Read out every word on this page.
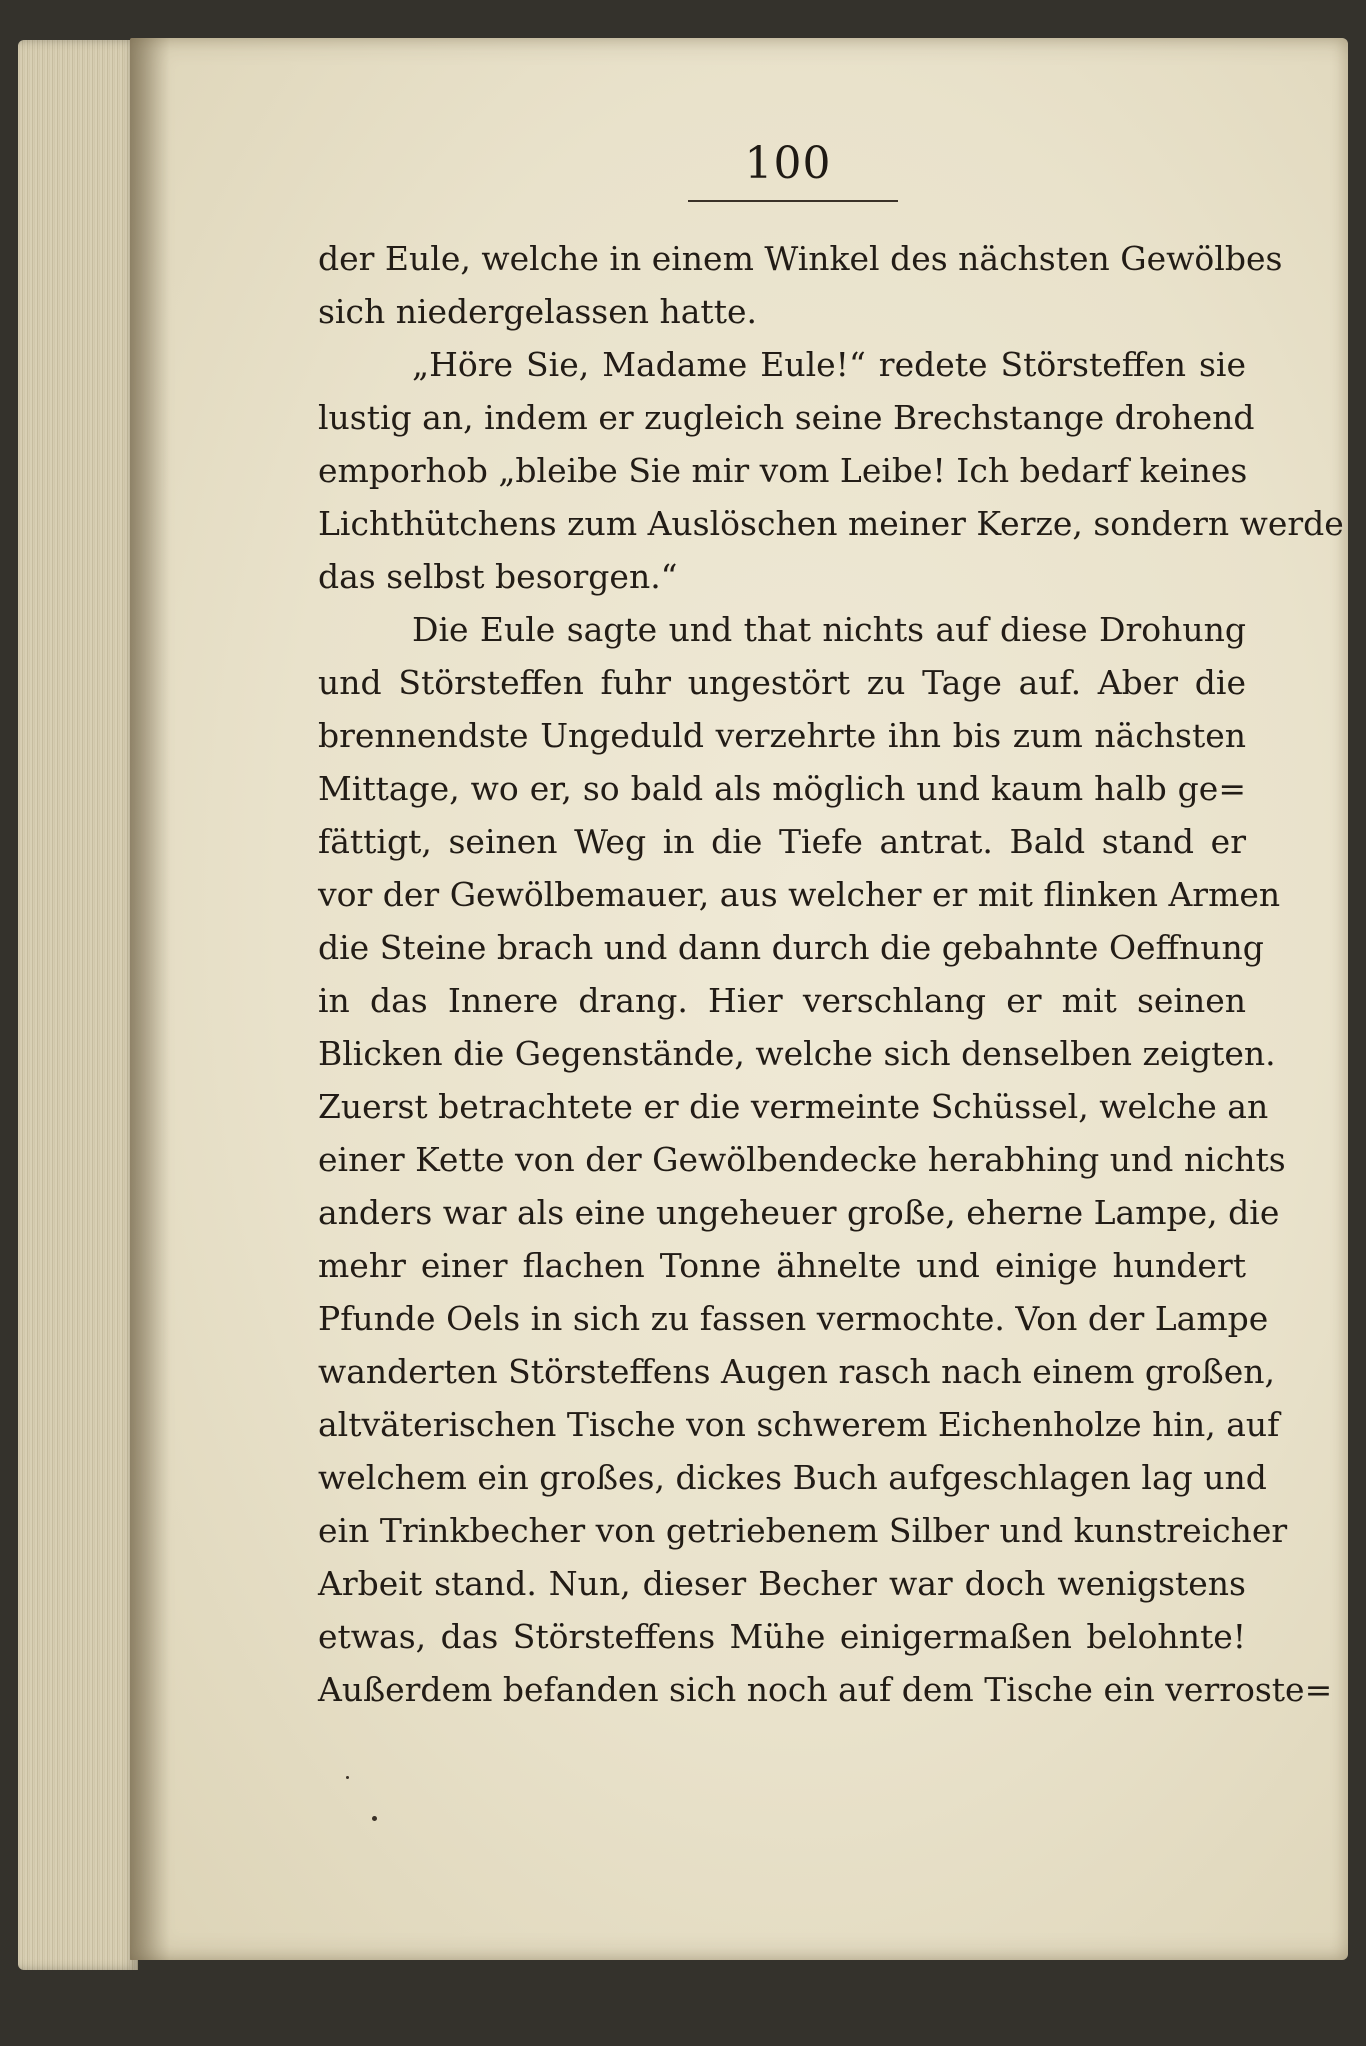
100
der Eule, welche in einem Winkel des nächsten Gewölbes
sich niedergelassen hatte.
„Höre Sie, Madame Eule!“ redete Störsteffen sie
lustig an, indem er zugleich seine Brechstange drohend
emporhob „bleibe Sie mir vom Leibe! Ich bedarf keines
Lichthütchens zum Auslöschen meiner Kerze, sondern werde
das selbst besorgen.“
Die Eule sagte und that nichts auf diese Drohung
und Störsteffen fuhr ungestört zu Tage auf. Aber die
brennendste Ungeduld verzehrte ihn bis zum nächsten
Mittage, wo er, so bald als möglich und kaum halb ge=
fättigt, seinen Weg in die Tiefe antrat. Bald stand er
vor der Gewölbemauer, aus welcher er mit flinken Armen
die Steine brach und dann durch die gebahnte Oeffnung
in das Innere drang. Hier verschlang er mit seinen
Blicken die Gegenstände, welche sich denselben zeigten.
Zuerst betrachtete er die vermeinte Schüssel, welche an
einer Kette von der Gewölbendecke herabhing und nichts
anders war als eine ungeheuer große, eherne Lampe, die
mehr einer flachen Tonne ähnelte und einige hundert
Pfunde Oels in sich zu fassen vermochte. Von der Lampe
wanderten Störsteffens Augen rasch nach einem großen,
altväterischen Tische von schwerem Eichenholze hin, auf
welchem ein großes, dickes Buch aufgeschlagen lag und
ein Trinkbecher von getriebenem Silber und kunstreicher
Arbeit stand. Nun, dieser Becher war doch wenigstens
etwas, das Störsteffens Mühe einigermaßen belohnte!
Außerdem befanden sich noch auf dem Tische ein verroste=
